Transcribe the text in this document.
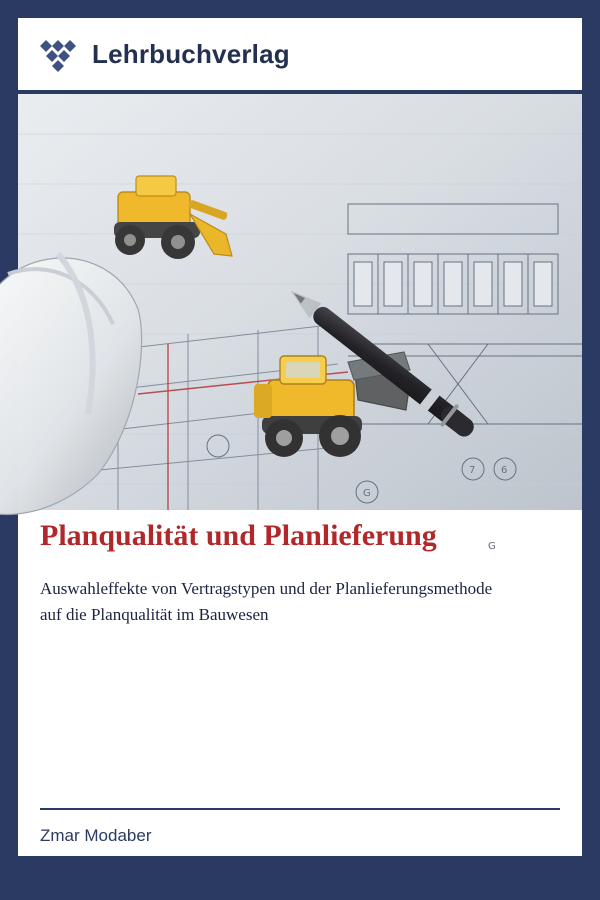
Lehrbuchverlag
7	6
G
G
Planqualität und Planlieferung

Auswahleffekte von Vertragstypen und der Planlieferungsmethode
auf die Planqualität im Bauwesen

Zmar Modaber
